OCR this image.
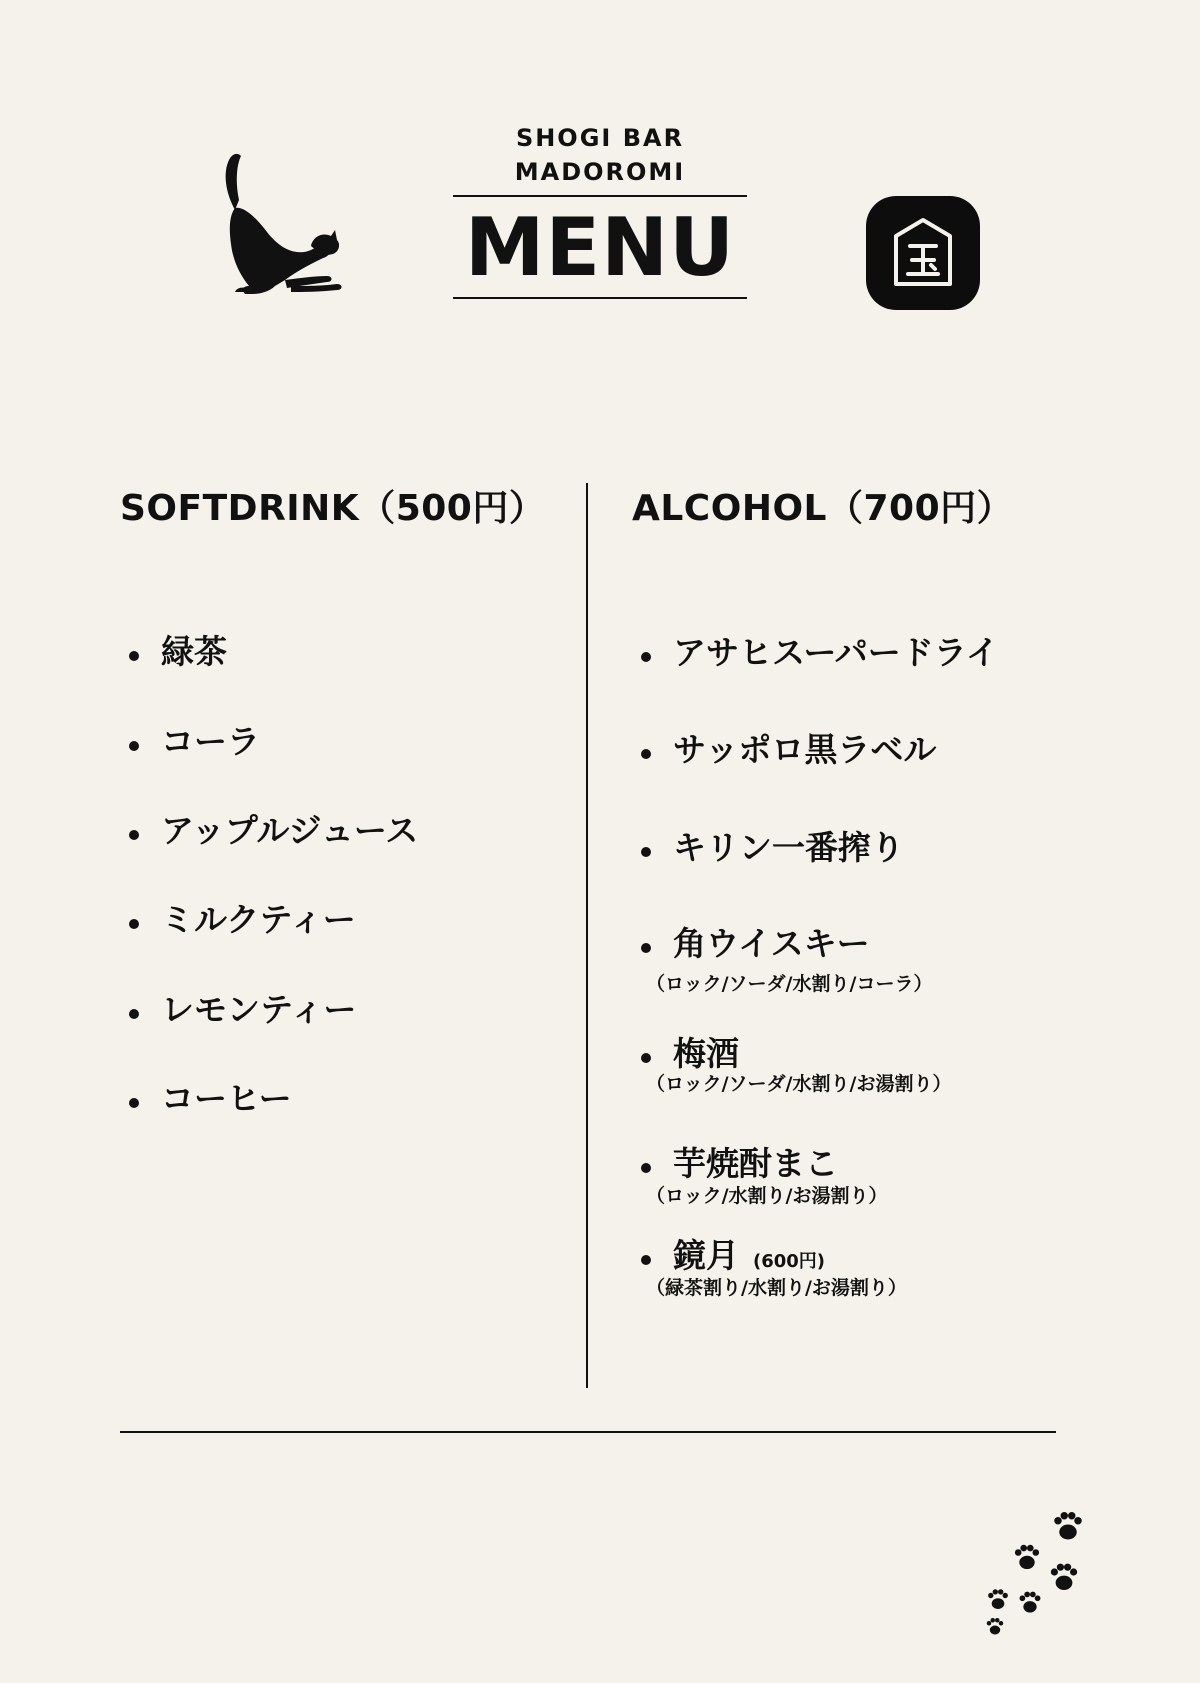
SHOGI BAR
MADOROMI
MENU
SOFTDRINK（500円） ALCOHOL（700円）
緑茶
コーラ
アップルジュース
ミルクティー
レモンティー
コーヒー
アサヒスーパードライ
サッポロ黒ラベル
キリン一番搾り
角ウイスキー
（ロック/ソーダ/水割り/コーラ）
梅酒
（ロック/ソーダ/水割り/お湯割り）
芋焼酎まこ
（ロック/水割り/お湯割り）
鏡月 (600円)
（緑茶割り/水割り/お湯割り）
